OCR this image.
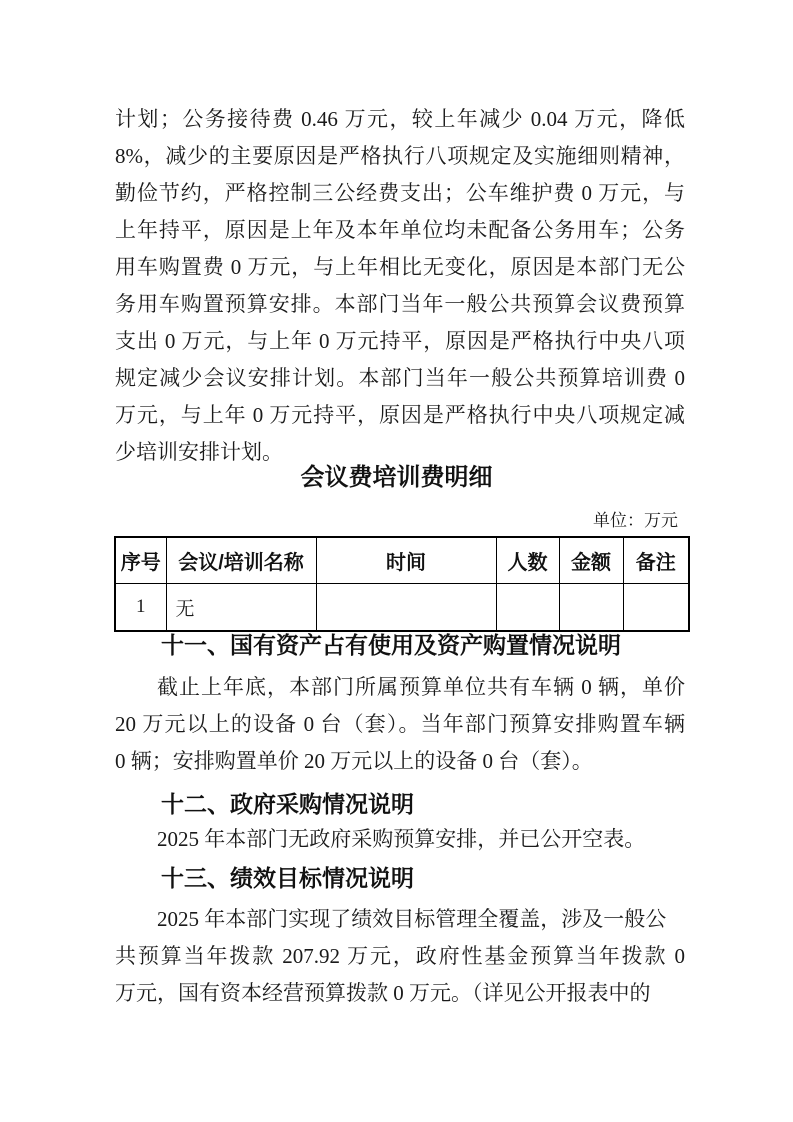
计划；公务接待费 0.46 万元，较上年减少 0.04 万元，降低
8%，减少的主要原因是严格执行八项规定及实施细则精神，
勤俭节约，严格控制三公经费支出；公车维护费 0 万元，与
上年持平，原因是上年及本年单位均未配备公务用车；公务
用车购置费 0 万元，与上年相比无变化，原因是本部门无公
务用车购置预算安排。本部门当年一般公共预算会议费预算
支出 0 万元，与上年 0 万元持平，原因是严格执行中央八项
规定减少会议安排计划。本部门当年一般公共预算培训费 0
万元，与上年 0 万元持平，原因是严格执行中央八项规定减
少培训安排计划。
会议费培训费明细
单位：万元
序号	会议/培训名称	时间	人数	金额	备注
1	无				
十一、国有资产占有使用及资产购置情况说明
截止上年底，本部门所属预算单位共有车辆 0 辆，单价
20 万元以上的设备 0 台（套）。当年部门预算安排购置车辆
0 辆；安排购置单价 20 万元以上的设备 0 台（套）。
十二、政府采购情况说明
2025 年本部门无政府采购预算安排，并已公开空表。
十三、绩效目标情况说明
2025 年本部门实现了绩效目标管理全覆盖，涉及一般公
共预算当年拨款 207.92 万元，政府性基金预算当年拨款 0
万元，国有资本经营预算拨款 0 万元。（详见公开报表中的
